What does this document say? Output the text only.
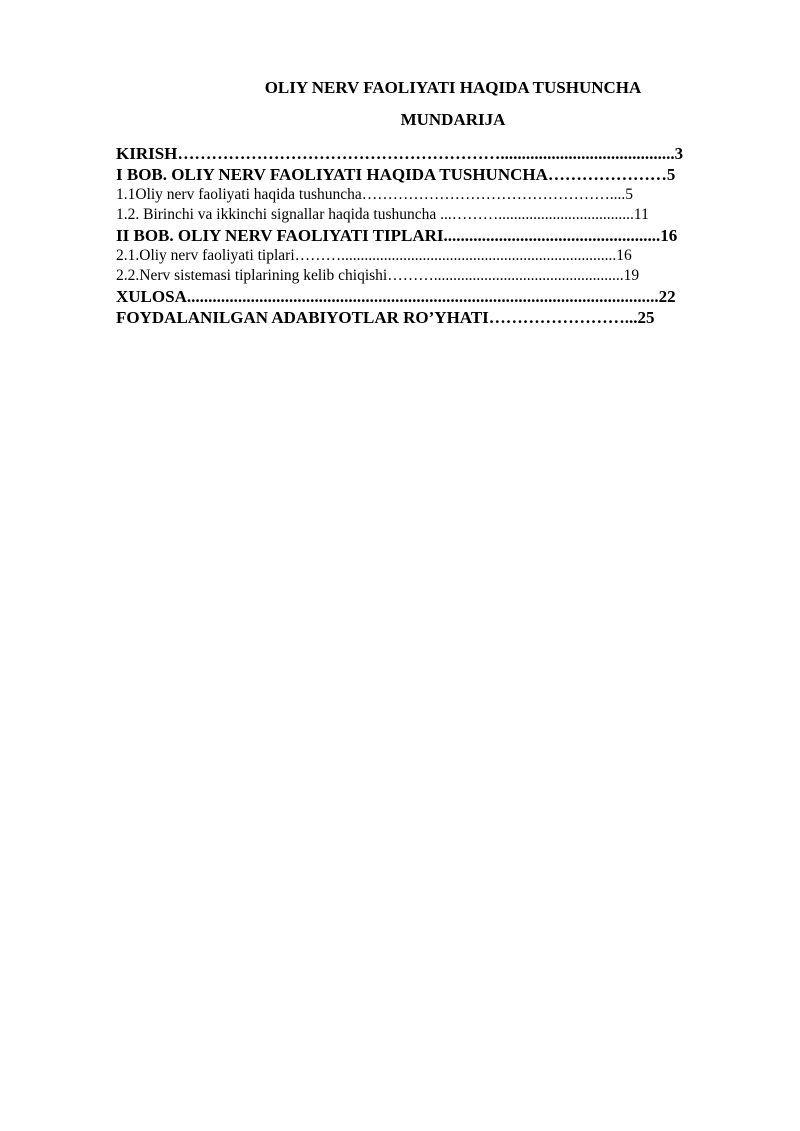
OLIY NERV FAOLIYATI HAQIDA TUSHUNCHA
MUNDARIJA
KIRISH………………………………………………….........................................3
I BOB. OLIY NERV FAOLIYATI HAQIDA TUSHUNCHA…………………5
1.1Oliy nerv faoliyati haqida tushuncha…………………………………………....5
1.2. Birinchi va ikkinchi signallar haqida tushuncha ...………...................................11
II BOB. OLIY NERV FAOLIYATI TIPLARI...................................................16
2.1.Oliy nerv faoliyati tiplari……….......................................................................16
2.2.Nerv sistemasi tiplarining kelib chiqishi……….................................................19
XULOSA...............................................................................................................22
FOYDALANILGAN ADABIYOTLAR RO’YHATI……………………...25
